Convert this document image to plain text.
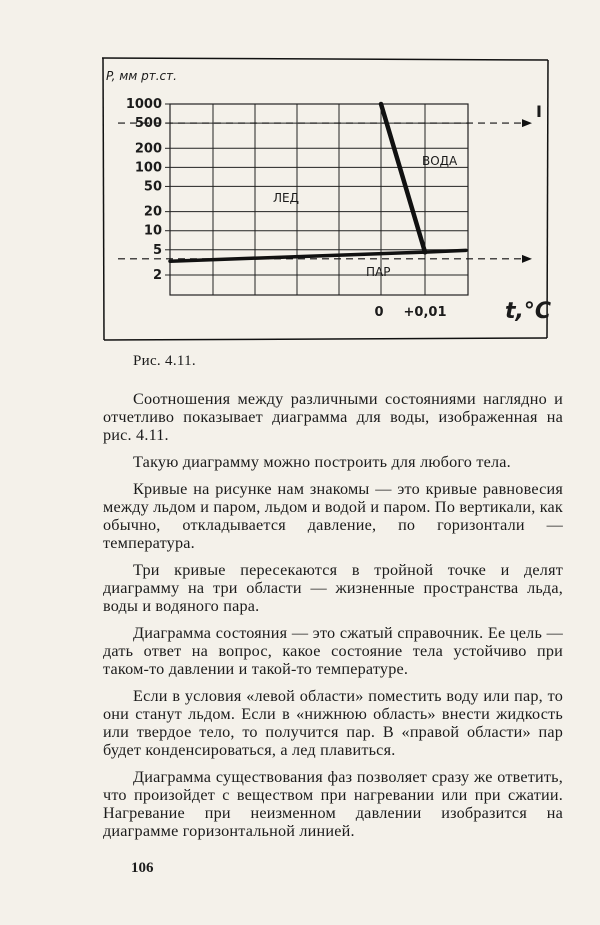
1000
500
200
100
50
20
10
5
2
0 +0,01
P, мм рт.ст.
t,°C
ЛЕД
ВОДА
ПАР
I
Рис. 4.11.

Соотношения между различными состояниями наглядно и отчетливо показывает диаграмма для воды, изображенная на рис. 4.11.

Такую диаграмму можно построить для любого тела.

Кривые на рисунке нам знакомы — это кривые равновесия между льдом и паром, льдом и водой и паром. По вертикали, как обычно, откладывается давление, по горизонтали — температура.

Три кривые пересекаются в тройной точке и делят диаграмму на три области — жизненные пространства льда, воды и водяного пара.

Диаграмма состояния — это сжатый справочник. Ее цель — дать ответ на вопрос, какое состояние тела устойчиво при таком-то давлении и такой-то температуре.

Если в условия «левой области» поместить воду или пар, то они станут льдом. Если в «нижнюю область» внести жидкость или твердое тело, то получится пар. В «правой области» пар будет конденсироваться, а лед плавиться.

Диаграмма существования фаз позволяет сразу же ответить, что произойдет с веществом при нагревании или при сжатии. Нагревание при неизменном давлении изобразится на диаграмме горизонтальной линией.

106
